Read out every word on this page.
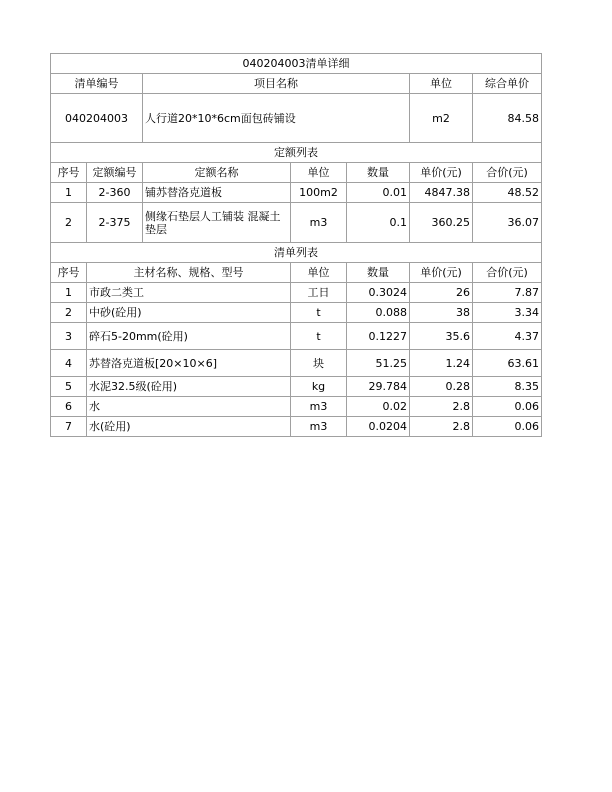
040204003清单详细						
清单编号		项目名称			单位	综合单价
040204003		人行道20*10*6cm面包砖铺设			m2	84.58
定额列表						
序号	定额编号	定额名称	单位	数量	单价(元)	合价(元)
1	2-360	铺苏替洛克道板	100m2	0.01	4847.38	48.52
2	2-375	侧缘石垫层人工铺装 混凝土垫层	m3	0.1	360.25	36.07
清单列表						
序号	主材名称、规格、型号		单位	数量	单价(元)	合价(元)
1	市政二类工		工日	0.3024	26	7.87
2	中砂(砼用)		t	0.088	38	3.34
3	碎石5-20mm(砼用)		t	0.1227	35.6	4.37
4	苏替洛克道板[20×10×6]		块	51.25	1.24	63.61
5	水泥32.5级(砼用)		kg	29.784	0.28	8.35
6	水		m3	0.02	2.8	0.06
7	水(砼用)		m3	0.0204	2.8	0.06
